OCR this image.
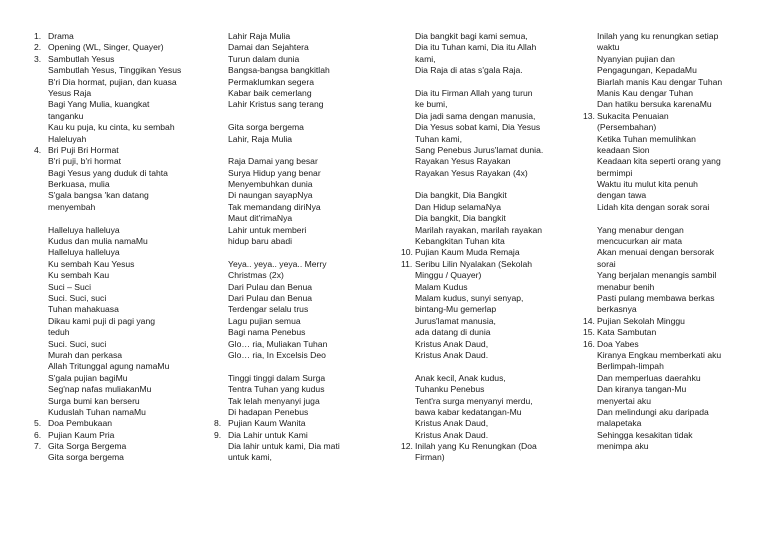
1. Drama
2. Opening (WL, Singer, Quayer)
3. Sambutlah Yesus
Sambutlah Yesus, Tinggikan Yesus
B'ri Dia hormat, pujian, dan kuasa
Yesus Raja
Bagi Yang Mulia, kuangkat
tanganku
Kau ku puja, ku cinta, ku sembah
Haleluyah
4. Bri Puji Bri Hormat
B'ri puji, b'ri hormat
Bagi Yesus yang duduk di tahta
Berkuasa, mulia
S'gala bangsa 'kan datang
menyembah
Halleluya halleluya
Kudus dan mulia namaMu
Halleluya halleluya
Ku sembah Kau Yesus
Ku sembah Kau
Suci – Suci
Suci. Suci, suci
Tuhan mahakuasa
Dikau kami puji di pagi yang
teduh
Suci. Suci, suci
Murah dan perkasa
Allah Tritunggal agung namaMu
S'gala pujian bagiMu
Seg'nap nafas muliakanMu
Surga bumi kan berseru
Kuduslah Tuhan namaMu
5. Doa Pembukaan
6. Pujian Kaum Pria
7. Gita Sorga Bergema
Gita sorga bergema
Lahir Raja Mulia
Damai dan Sejahtera
Turun dalam dunia
Bangsa-bangsa bangkitlah
Permaklumkan segera
Kabar baik cemerlang
Lahir Kristus sang terang
Gita sorga bergema
Lahir, Raja Mulia
Raja Damai yang besar
Surya Hidup yang benar
Menyembuhkan dunia
Di naungan sayapNya
Tak memandang diriNya
Maut dit'rimaNya
Lahir untuk memberi
hidup baru abadi
Yeya.. yeya.. yeya.. Merry
Christmas (2x)
Dari Pulau dan Benua
Dari Pulau dan Benua
Terdengar selalu trus
Lagu pujian semua
Bagi nama Penebus
Glo… ria, Muliakan Tuhan
Glo… ria, In Excelsis Deo
Tinggi tinggi dalam Surga
Tentra Tuhan yang kudus
Tak lelah menyanyi juga
Di hadapan Penebus
8. Pujian Kaum Wanita
9. Dia Lahir untuk Kami
Dia lahir untuk kami, Dia mati
untuk kami,
Dia bangkit bagi kami semua,
Dia itu Tuhan kami, Dia itu Allah
kami,
Dia Raja di atas s'gala Raja.
Dia itu Firman Allah yang turun
ke bumi,
Dia jadi sama dengan manusia,
Dia Yesus sobat kami, Dia Yesus
Tuhan kami,
Sang Penebus Jurus'lamat dunia.
Rayakan Yesus Rayakan
Rayakan Yesus Rayakan (4x)
Dia bangkit, Dia Bangkit
Dan Hidup selamaNya
Dia bangkit, Dia bangkit
Marilah rayakan, marilah rayakan
Kebangkitan Tuhan kita
10. Pujian Kaum Muda Remaja
11. Seribu Lilin Nyalakan (Sekolah
Minggu / Quayer)
Malam Kudus
Malam kudus, sunyi senyap,
bintang-Mu gemerlap
Jurus'lamat manusia,
ada datang di dunia
Kristus Anak Daud,
Kristus Anak Daud.
Anak kecil, Anak kudus,
Tuhanku Penebus
Tent'ra surga menyanyi merdu,
bawa kabar kedatangan-Mu
Kristus Anak Daud,
Kristus Anak Daud.
12. Inilah yang Ku Renungkan (Doa
Firman)
Inilah yang ku renungkan setiap
waktu
Nyanyian pujian dan
Pengagungan, KepadaMu
Biarlah manis Kau dengar Tuhan
Manis Kau dengar Tuhan
Dan hatiku bersuka karenaMu
13. Sukacita Penuaian
(Persembahan)
Ketika Tuhan memulihkan
keadaan Sion
Keadaan kita seperti orang yang
bermimpi
Waktu itu mulut kita penuh
dengan tawa
Lidah kita dengan sorak sorai
Yang menabur dengan
mencucurkan air mata
Akan menuai dengan bersorak
sorai
Yang berjalan menangis sambil
menabur benih
Pasti pulang membawa berkas
berkasnya
14. Pujian Sekolah Minggu
15. Kata Sambutan
16. Doa Yabes
Kiranya Engkau memberkati aku
Berlimpah-limpah
Dan memperluas daerahku
Dan kiranya tangan-Mu
menyertai aku
Dan melindungi aku daripada
malapetaka
Sehingga kesakitan tidak
menimpa aku
